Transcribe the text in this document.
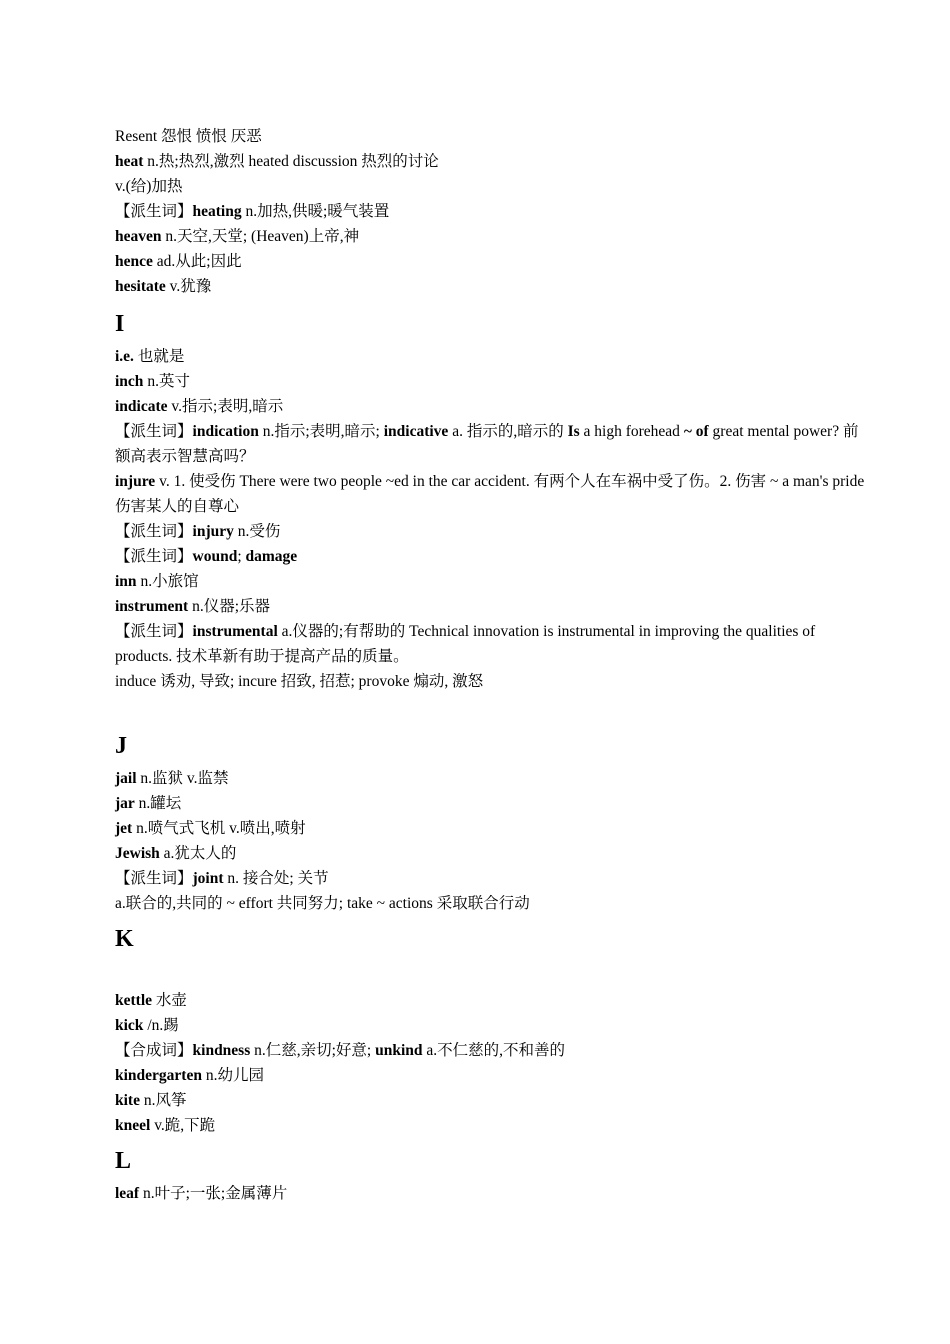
Resent 怨恨 愤恨 厌恶
heat n.热;热烈,激烈 heated discussion 热烈的讨论
v.(给)加热
【派生词】heating n.加热,供暖;暖气装置
heaven n.天空,天堂; (Heaven)上帝,神
hence ad.从此;因此
hesitate v.犹豫
I
i.e. 也就是
inch n.英寸
indicate v.指示;表明,暗示
【派生词】indication n.指示;表明,暗示; indicative a. 指示的,暗示的 Is a high forehead ~ of great mental power? 前额高表示智慧高吗？
injure v. 1. 使受伤 There were two people ~ed in the car accident. 有两个人在车祸中受了伤。2. 伤害 ~ a man's pride 伤害某人的自尊心
【派生词】injury n.受伤
【派生词】wound; damage
inn n.小旅馆
instrument n.仪器;乐器
【派生词】instrumental a.仪器的;有帮助的 Technical innovation is instrumental in improving the qualities of products. 技术革新有助于提高产品的质量。
induce 诱劝, 导致; incure 招致, 招惹; provoke 煽动, 激怒
J
jail n.监狱 v.监禁
jar n.罐坛
jet n.喷气式飞机 v.喷出,喷射
Jewish a.犹太人的
【派生词】joint n. 接合处; 关节
a.联合的,共同的 ~ effort 共同努力; take ~ actions 采取联合行动
K
kettle 水壶
kick /n.踢
【合成词】kindness n.仁慈,亲切;好意; unkind a.不仁慈的,不和善的
kindergarten n.幼儿园
kite n.风筝
kneel v.跪,下跪
L
leaf n.叶子;一张;金属薄片
